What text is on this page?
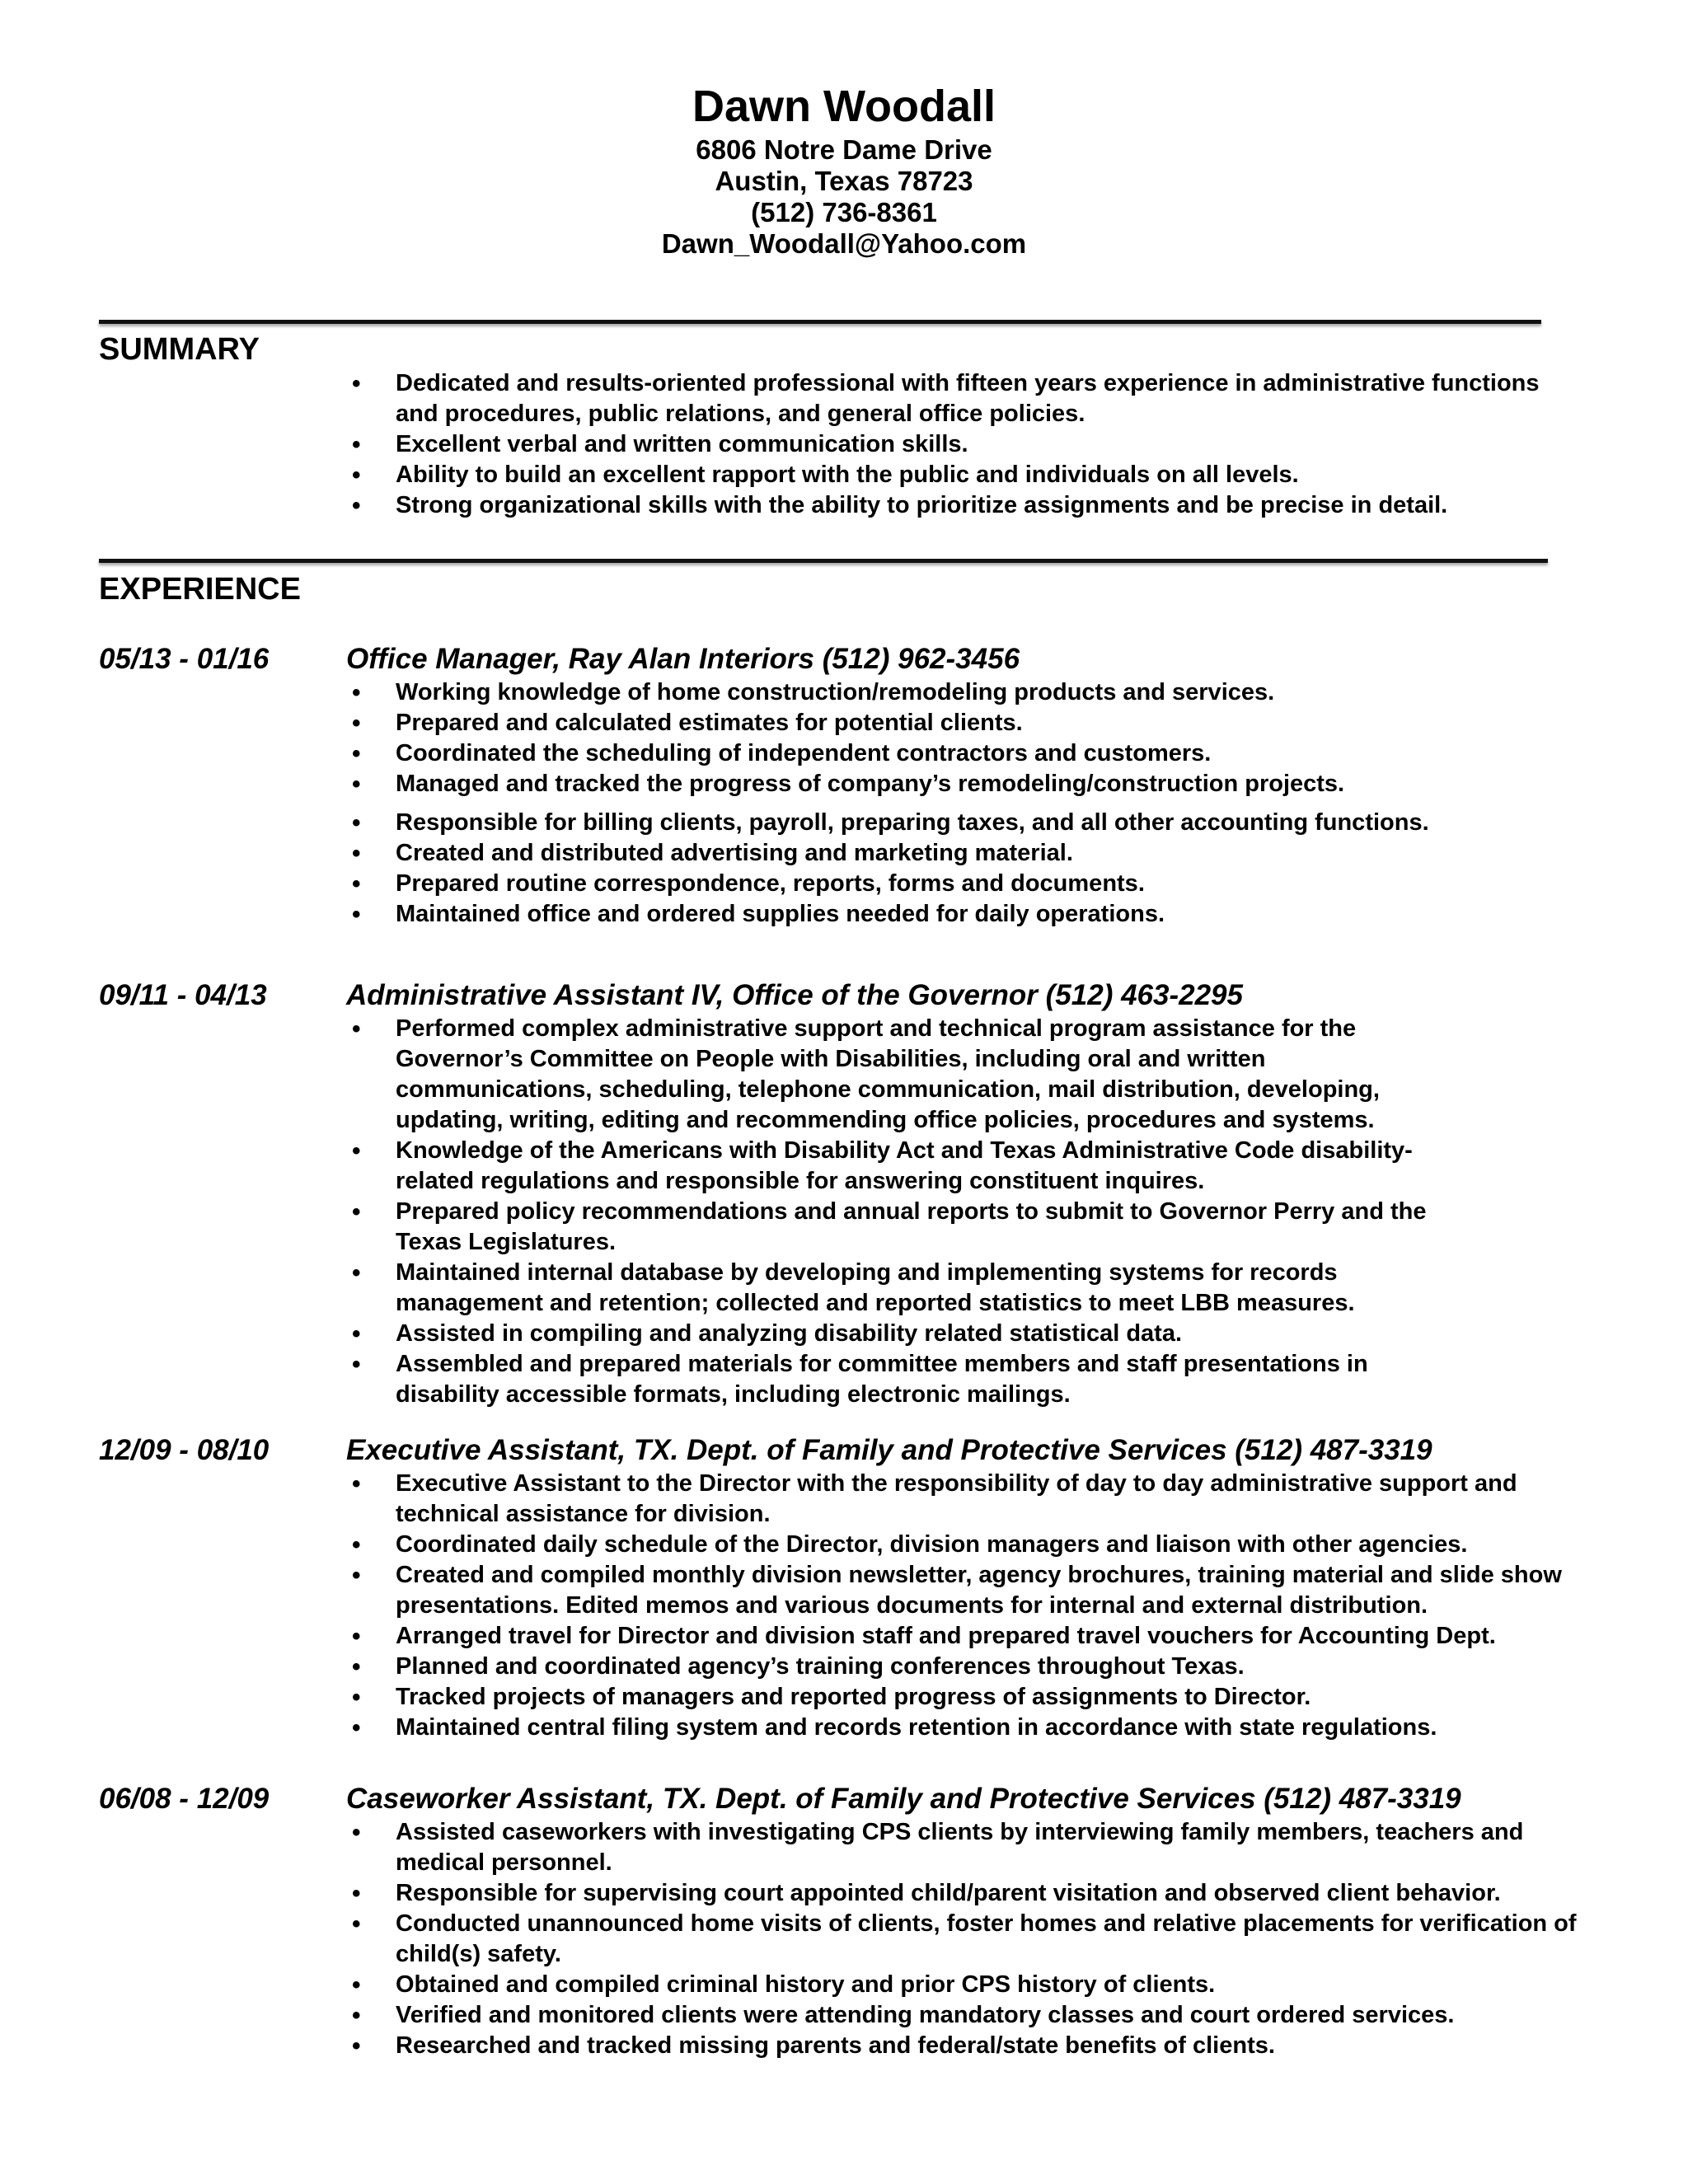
Dawn Woodall
6806 Notre Dame Drive
Austin, Texas 78723
(512) 736-8361
Dawn_Woodall@Yahoo.com
SUMMARY
• Dedicated and results-oriented professional with fifteen years experience in administrative functions and procedures, public relations, and general office policies.
• Excellent verbal and written communication skills.
• Ability to build an excellent rapport with the public and individuals on all levels.
• Strong organizational skills with the ability to prioritize assignments and be precise in detail.
EXPERIENCE
05/13 - 01/16	Office Manager, Ray Alan Interiors (512) 962-3456
• Working knowledge of home construction/remodeling products and services.
• Prepared and calculated estimates for potential clients.
• Coordinated the scheduling of independent contractors and customers.
• Managed and tracked the progress of company’s remodeling/construction projects.
• Responsible for billing clients, payroll, preparing taxes, and all other accounting functions.
• Created and distributed advertising and marketing material.
• Prepared routine correspondence, reports, forms and documents.
• Maintained office and ordered supplies needed for daily operations.
09/11 - 04/13	Administrative Assistant IV, Office of the Governor (512) 463-2295
• Performed complex administrative support and technical program assistance for the Governor’s Committee on People with Disabilities, including oral and written communications, scheduling, telephone communication, mail distribution, developing, updating, writing, editing and recommending office policies, procedures and systems.
• Knowledge of the Americans with Disability Act and Texas Administrative Code disability-related regulations and responsible for answering constituent inquires.
• Prepared policy recommendations and annual reports to submit to Governor Perry and the Texas Legislatures.
• Maintained internal database by developing and implementing systems for records management and retention; collected and reported statistics to meet LBB measures.
• Assisted in compiling and analyzing disability related statistical data.
• Assembled and prepared materials for committee members and staff presentations in disability accessible formats, including electronic mailings.
12/09 - 08/10	Executive Assistant, TX. Dept. of Family and Protective Services (512) 487-3319
• Executive Assistant to the Director with the responsibility of day to day administrative support and technical assistance for division.
• Coordinated daily schedule of the Director, division managers and liaison with other agencies.
• Created and compiled monthly division newsletter, agency brochures, training material and slide show presentations. Edited memos and various documents for internal and external distribution.
• Arranged travel for Director and division staff and prepared travel vouchers for Accounting Dept.
• Planned and coordinated agency’s training conferences throughout Texas.
• Tracked projects of managers and reported progress of assignments to Director.
• Maintained central filing system and records retention in accordance with state regulations.
06/08 - 12/09	Caseworker Assistant, TX. Dept. of Family and Protective Services (512) 487-3319
• Assisted caseworkers with investigating CPS clients by interviewing family members, teachers and medical personnel.
• Responsible for supervising court appointed child/parent visitation and observed client behavior.
• Conducted unannounced home visits of clients, foster homes and relative placements for verification of child(s) safety.
• Obtained and compiled criminal history and prior CPS history of clients.
• Verified and monitored clients were attending mandatory classes and court ordered services.
• Researched and tracked missing parents and federal/state benefits of clients.
